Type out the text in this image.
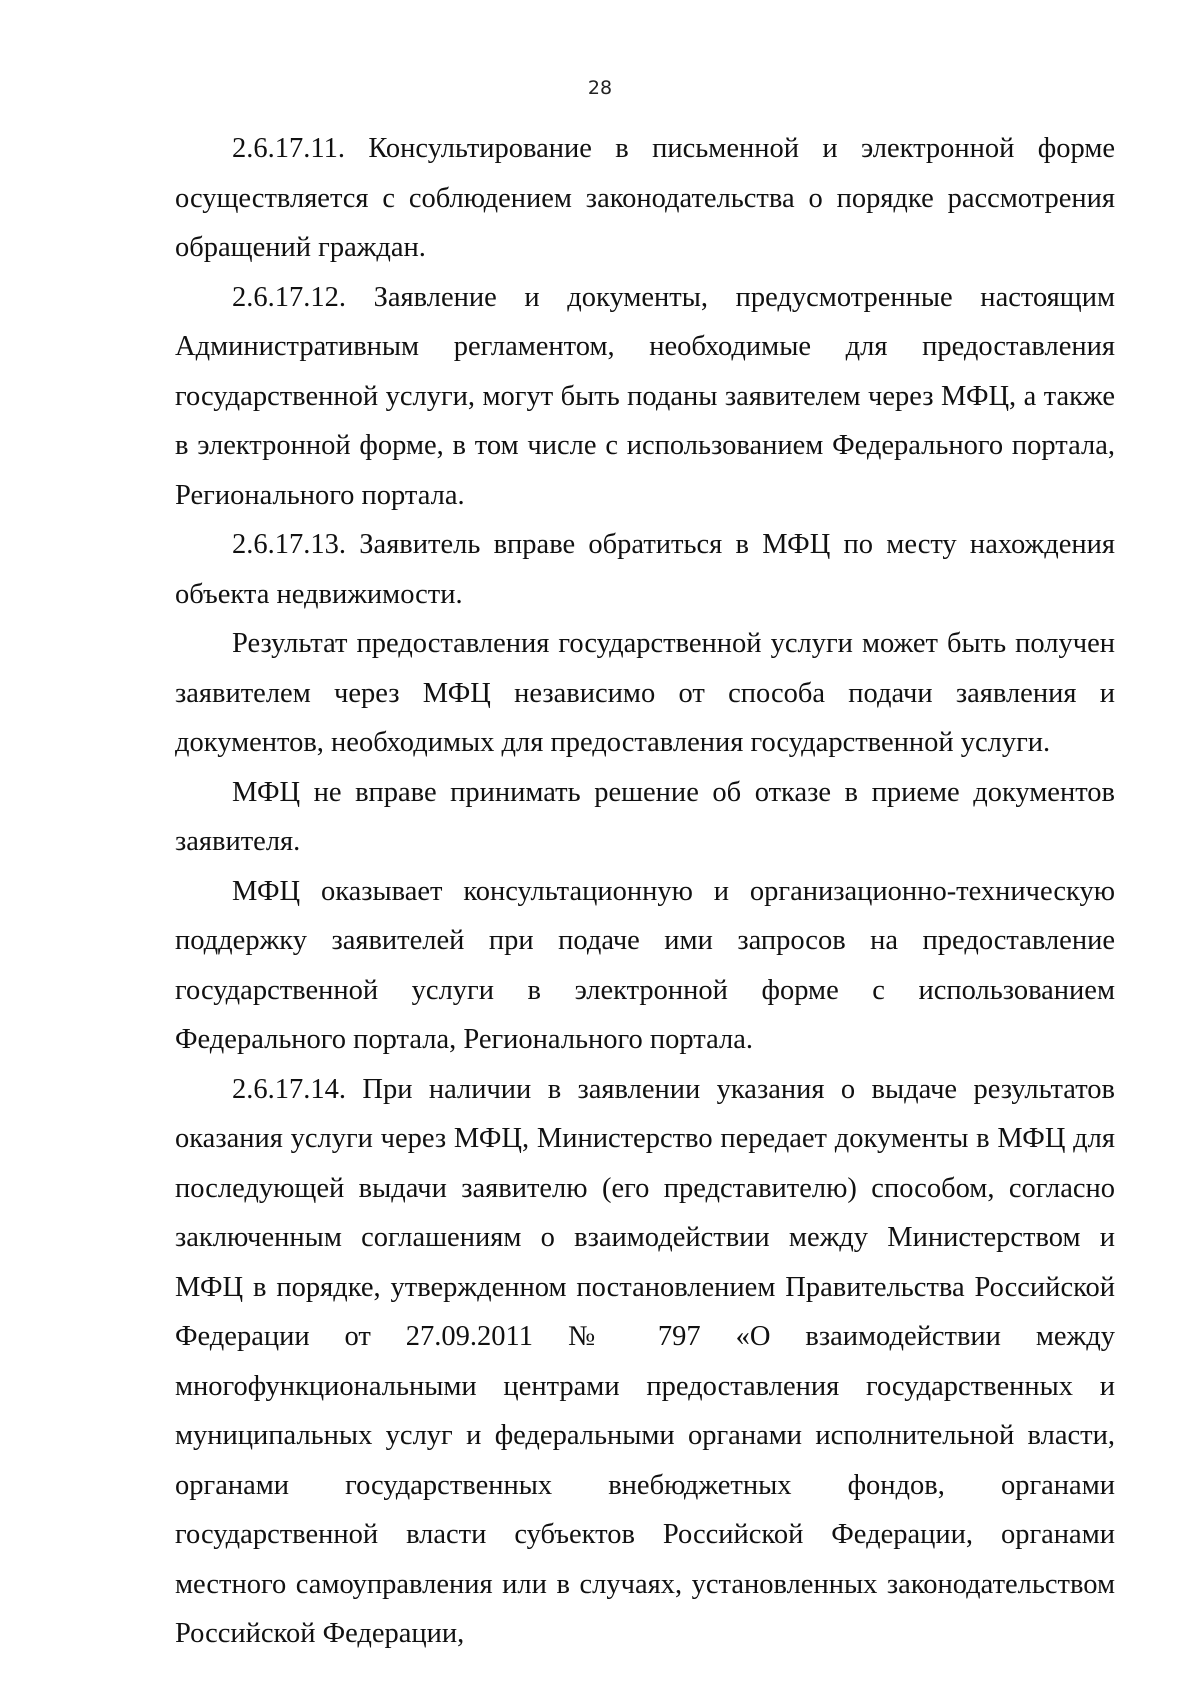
28

2.6.17.11. Консультирование в письменной и электронной форме осуществляется с соблюдением законодательства о порядке рассмотрения обращений граждан.

2.6.17.12. Заявление и документы, предусмотренные настоящим Административным регламентом, необходимые для предоставления государственной услуги, могут быть поданы заявителем через МФЦ, а также в электронной форме, в том числе с использованием Федерального портала, Регионального портала.

2.6.17.13. Заявитель вправе обратиться в МФЦ по месту нахождения объекта недвижимости.

Результат предоставления государственной услуги может быть получен заявителем через МФЦ независимо от способа подачи заявления и документов, необходимых для предоставления государственной услуги.

МФЦ не вправе принимать решение об отказе в приеме документов заявителя.

МФЦ оказывает консультационную и организационно-техническую поддержку заявителей при подаче ими запросов на предоставление государственной услуги в электронной форме с использованием Федерального портала, Регионального портала.

2.6.17.14. При наличии в заявлении указания о выдаче результатов оказания услуги через МФЦ, Министерство передает документы в МФЦ для последующей выдачи заявителю (его представителю) способом, согласно заключенным соглашениям о взаимодействии между Министерством и МФЦ в порядке, утвержденном постановлением Правительства Российской Федерации от 27.09.2011 № 797 «О взаимодействии между многофункциональными центрами предоставления государственных и муниципальных услуг и федеральными органами исполнительной власти, органами государственных внебюджетных фондов, органами государственной власти субъектов Российской Федерации, органами местного самоуправления или в случаях, установленных законодательством Российской Федерации,
